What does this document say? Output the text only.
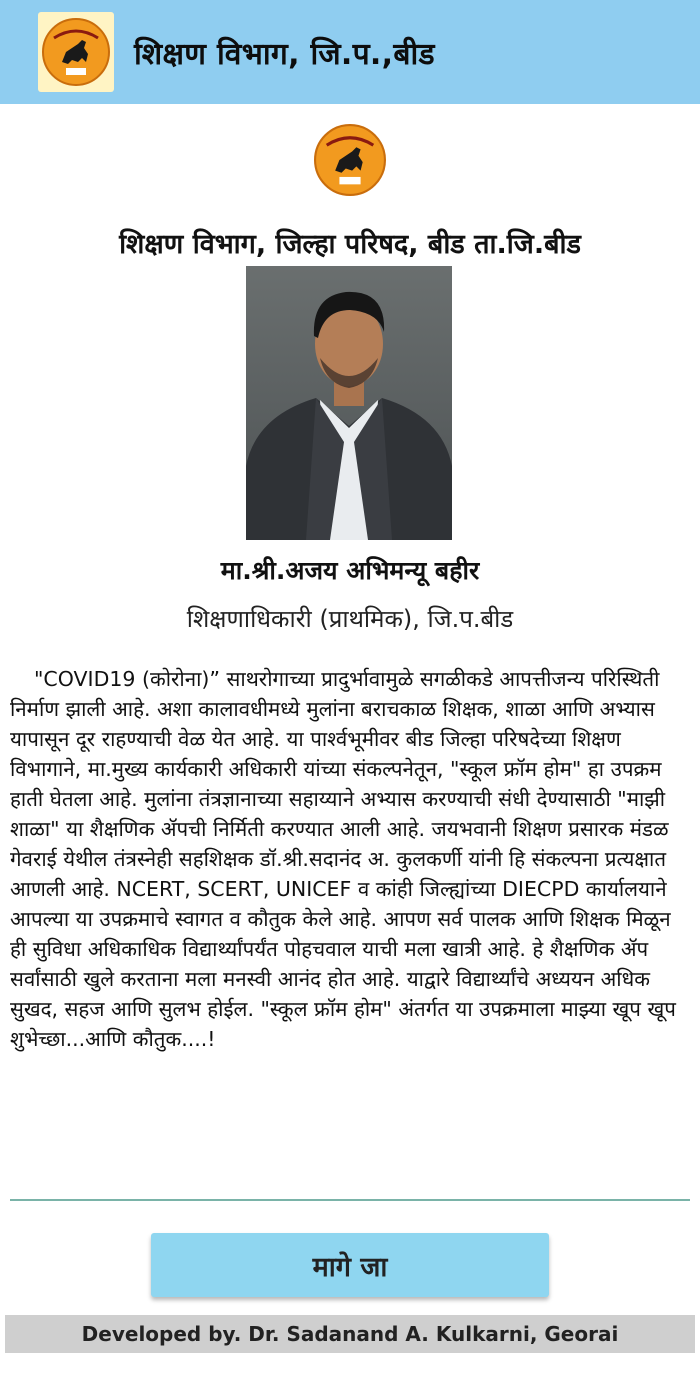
शिक्षण विभाग, जि.प.,बीड
शिक्षण विभाग, जिल्हा परिषद, बीड ता.जि.बीड
मा.श्री.अजय अभिमन्यू बहीर
शिक्षणाधिकारी (प्राथमिक), जि.प.बीड
"COVID19 (कोरोना)” साथरोगाच्या प्रादुर्भावामुळे सगळीकडे आपत्तीजन्य परिस्थिती निर्माण झाली आहे. अशा कालावधीमध्ये मुलांना बराचकाळ शिक्षक, शाळा आणि अभ्यास यापासून दूर राहण्याची वेळ येत आहे. या पार्श्वभूमीवर बीड जिल्हा परिषदेच्या शिक्षण विभागाने, मा.मुख्य कार्यकारी अधिकारी यांच्या संकल्पनेतून, "स्कूल फ्रॉम होम" हा उपक्रम हाती घेतला आहे. मुलांना तंत्रज्ञानाच्या सहाय्याने अभ्यास करण्याची संधी देण्यासाठी "माझी शाळा" या शैक्षणिक ॲपची निर्मिती करण्यात आली आहे. जयभवानी शिक्षण प्रसारक मंडळ गेवराई येथील तंत्रस्नेही सहशिक्षक डॉ.श्री.सदानंद अ. कुलकर्णी यांनी हि संकल्पना प्रत्यक्षात आणली आहे. NCERT, SCERT, UNICEF व कांही जिल्ह्यांच्या DIECPD कार्यालयाने आपल्या या उपक्रमाचे स्वागत व कौतुक केले आहे. आपण सर्व पालक आणि शिक्षक मिळून ही सुविधा अधिकाधिक विद्यार्थ्यांपर्यंत पोहचवाल याची मला खात्री आहे. हे शैक्षणिक ॲप सर्वांसाठी खुले करताना मला मनस्वी आनंद होत आहे. याद्वारे विद्यार्थ्यांचे अध्ययन अधिक सुखद, सहज आणि सुलभ होईल. "स्कूल फ्रॉम होम" अंतर्गत या उपक्रमाला माझ्या खूप खूप शुभेच्छा...आणि कौतुक....!
मागे जा
Developed by. Dr. Sadanand A. Kulkarni, Georai
